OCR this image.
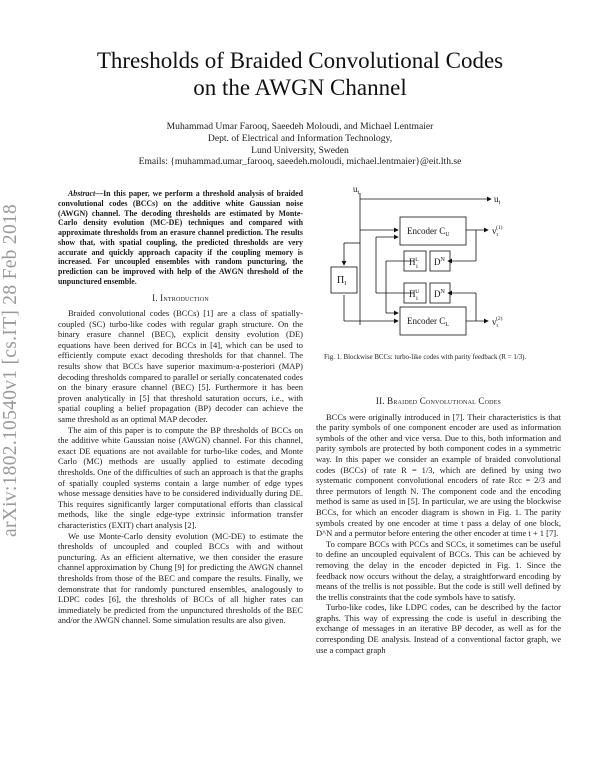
arXiv:1802.10540v1 [cs.IT] 28 Feb 2018
Thresholds of Braided Convolutional Codes
on the AWGN Channel
Muhammad Umar Farooq, Saeedeh Moloudi, and Michael Lentmaier
Dept. of Electrical and Information Technology,
Lund University, Sweden
Emails: {muhammad.umar_farooq, saeedeh.moloudi, michael.lentmaier}@eit.lth.se

Abstract—In this paper, we perform a threshold analysis of braided convolutional codes (BCCs) on the additive white Gaussian noise (AWGN) channel. The decoding thresholds are estimated by Monte-Carlo density evolution (MC-DE) techniques and compared with approximate thresholds from an erasure channel prediction. The results show that, with spatial coupling, the predicted thresholds are very accurate and quickly approach capacity if the coupling memory is increased. For uncoupled ensembles with random puncturing, the prediction can be improved with help of the AWGN threshold of the unpunctured ensemble.

I. Introduction

Braided convolutional codes (BCCs) [1] are a class of spatially-coupled (SC) turbo-like codes with regular graph structure. On the binary erasure channel (BEC), explicit density evolution (DE) equations have been derived for BCCs in [4], which can be used to efficiently compute exact decoding thresholds for that channel. The results show that BCCs have superior maximum-a-posteriori (MAP) decoding thresholds compared to parallel or serially concatenated codes on the binary erasure channel (BEC) [5]. Furthermore it has been proven analytically in [5] that threshold saturation occurs, i.e., with spatial coupling a belief propagation (BP) decoder can achieve the same threshold as an optimal MAP decoder.

The aim of this paper is to compute the BP thresholds of BCCs on the additive white Gaussian noise (AWGN) channel. For this channel, exact DE equations are not available for turbo-like codes, and Monte Carlo (MC) methods are usually applied to estimate decoding thresholds. One of the difficulties of such an approach is that the graphs of spatially coupled systems contain a large number of edge types whose message densities have to be considered individually during DE. This requires significantly larger computational efforts than classical methods, like the single edge-type extrinsic information transfer characteristics (EXIT) chart analysis [2].

We use Monte-Carlo density evolution (MC-DE) to estimate the thresholds of uncoupled and coupled BCCs with and without puncturing. As an efficient alternative, we then consider the erasure channel approximation by Chung [9] for predicting the AWGN channel thresholds from those of the BEC and compare the results. Finally, we demonstrate that for randomly punctured ensembles, analogously to LDPC codes [6], the thresholds of BCCs of all higher rates can immediately be predicted from the unpunctured thresholds of the BEC and/or the AWGN channel. Some simulation results are also given.

$u_t$
$u_t$
Encoder $C_U$
Encoder $C_L$
$\Pi_I$
$\Pi_1L$
$\Pi_1U$
$D^N$
$D^N$
$v_t(1)$
$v_t(2)$
Fig. 1. Blockwise BCCs: turbo-like codes with parity feedback (R = 1/3).
II. Braided Convolutional Codes

BCCs were originally introduced in [7]. Their characteristics is that the parity symbols of one component encoder are used as information symbols of the other and vice versa. Due to this, both information and parity symbols are protected by both component codes in a symmetric way. In this paper we consider an example of braided convolutional codes (BCCs) of rate R = 1/3, which are defined by using two systematic component convolutional encoders of rate Rcc = 2/3 and three permutors of length N. The component code and the encoding method is same as used in [5]. In particular, we are using the blockwise BCCs, for which an encoder diagram is shown in Fig. 1. The parity symbols created by one encoder at time t pass a delay of one block, D^N and a permutor before entering the other encoder at time t + 1 [7].

To compare BCCs with PCCs and SCCs, it sometimes can be useful to define an uncoupled equivalent of BCCs. This can be achieved by removing the delay in the encoder depicted in Fig. 1. Since the feedback now occurs without the delay, a straightforward encoding by means of the trellis is not possible. But the code is still well defined by the trellis constraints that the code symbols have to satisfy.

Turbo-like codes, like LDPC codes, can be described by the factor graphs. This way of expressing the code is useful in describing the exchange of messages in an iterative BP decoder, as well as for the corresponding DE analysis. Instead of a conventional factor graph, we use a compact graph
